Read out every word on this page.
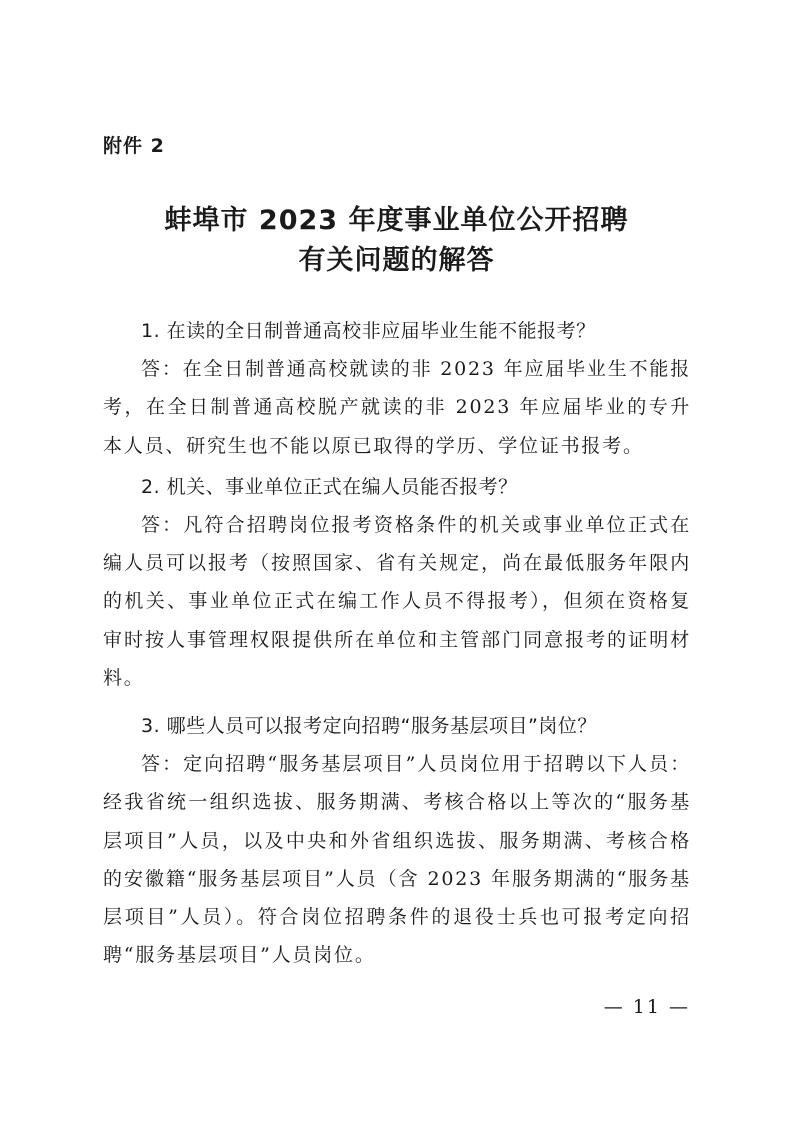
附件 2
蚌埠市 2023 年度事业单位公开招聘
有关问题的解答

1. 在读的全日制普通高校非应届毕业生能不能报考？

答：在全日制普通高校就读的非 2023 年应届毕业生不能报考，在全日制普通高校脱产就读的非 2023 年应届毕业的专升本人员、研究生也不能以原已取得的学历、学位证书报考。

2. 机关、事业单位正式在编人员能否报考？

答：凡符合招聘岗位报考资格条件的机关或事业单位正式在编人员可以报考（按照国家、省有关规定，尚在最低服务年限内的机关、事业单位正式在编工作人员不得报考），但须在资格复审时按人事管理权限提供所在单位和主管部门同意报考的证明材料。

3. 哪些人员可以报考定向招聘“服务基层项目”岗位？

答：定向招聘“服务基层项目”人员岗位用于招聘以下人员：经我省统一组织选拔、服务期满、考核合格以上等次的“服务基层项目”人员，以及中央和外省组织选拔、服务期满、考核合格的安徽籍“服务基层项目”人员（含 2023 年服务期满的“服务基层项目”人员）。符合岗位招聘条件的退役士兵也可报考定向招聘“服务基层项目”人员岗位。

— 11 —
